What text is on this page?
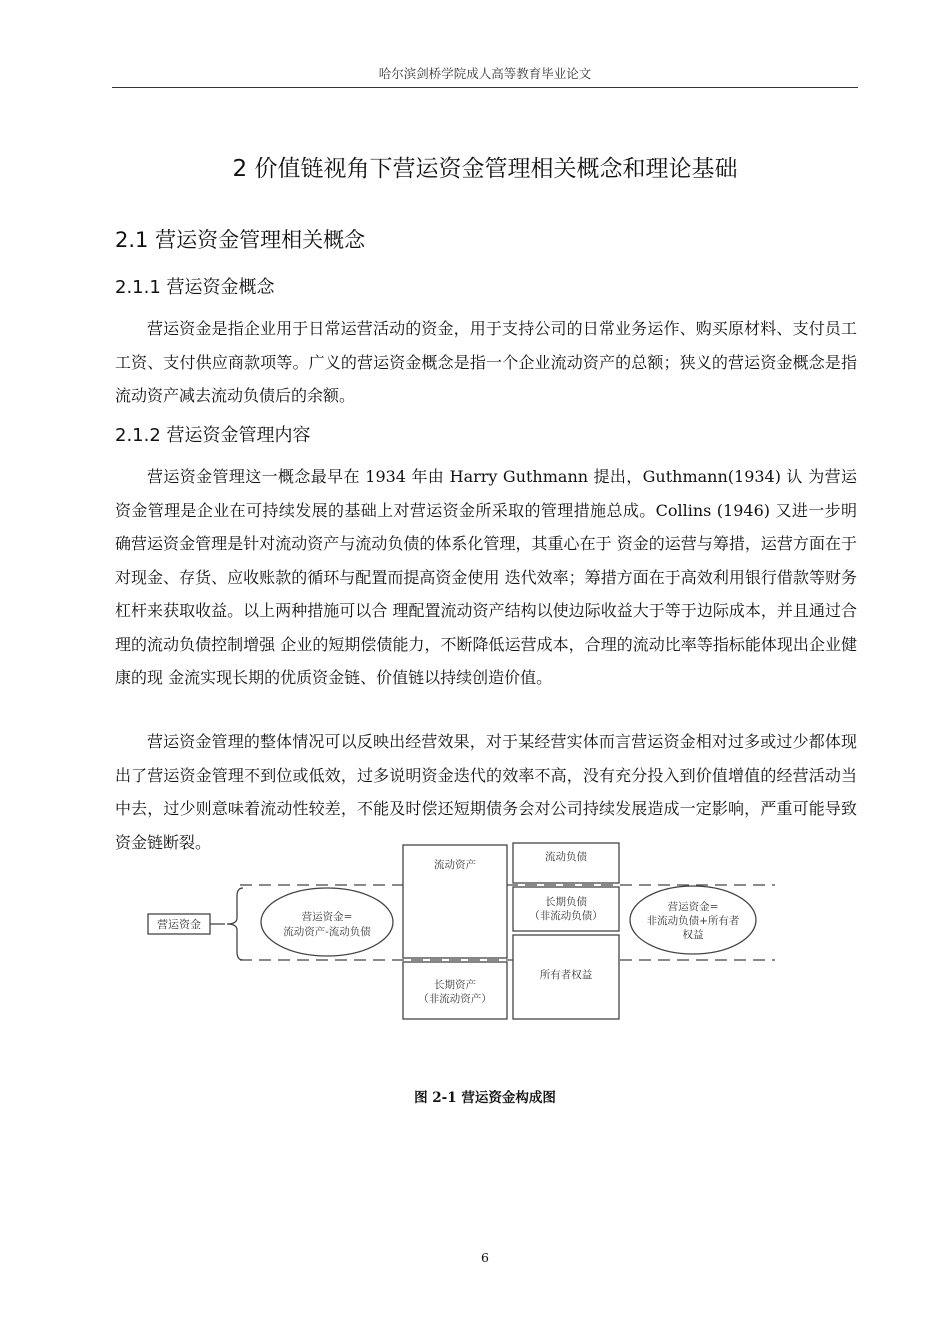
哈尔滨剑桥学院成人高等教育毕业论文
2 价值链视角下营运资金管理相关概念和理论基础
2.1 营运资金管理相关概念
2.1.1 营运资金概念
营运资金是指企业用于日常运营活动的资金，用于支持公司的日常业务运作、购买原材料、支付员工工资、支付供应商款项等。广义的营运资金概念是指一个企业流动资产的总额；狭义的营运资金概念是指流动资产减去流动负债后的余额。
2.1.2 营运资金管理内容
营运资金管理这一概念最早在 1934 年由 Harry Guthmann 提出，Guthmann(1934) 认 为营运资金管理是企业在可持续发展的基础上对营运资金所采取的管理措施总成。Collins (1946) 又进一步明确营运资金管理是针对流动资产与流动负债的体系化管理，其重心在于 资金的运营与筹措，运营方面在于对现金、存货、应收账款的循环与配置而提高资金使用 迭代效率；筹措方面在于高效利用银行借款等财务杠杆来获取收益。以上两种措施可以合 理配置流动资产结构以使边际收益大于等于边际成本，并且通过合理的流动负债控制增强 企业的短期偿债能力，不断降低运营成本，合理的流动比率等指标能体现出企业健康的现 金流实现长期的优质资金链、价值链以持续创造价值。
营运资金管理的整体情况可以反映出经营效果，对于某经营实体而言营运资金相对过多或过少都体现出了营运资金管理不到位或低效，过多说明资金迭代的效率不高，没有充分投入到价值增值的经营活动当中去，过少则意味着流动性较差，不能及时偿还短期债务会对公司持续发展造成一定影响，严重可能导致资金链断裂。
营运资金
营运资金=
流动资产-流动负债
流动资产
长期资产
（非流动资产）
流动负债
长期负债
（非流动负债）
所有者权益
营运资金=
非流动负债+所有者
权益
图 2-1 营运资金构成图
6
